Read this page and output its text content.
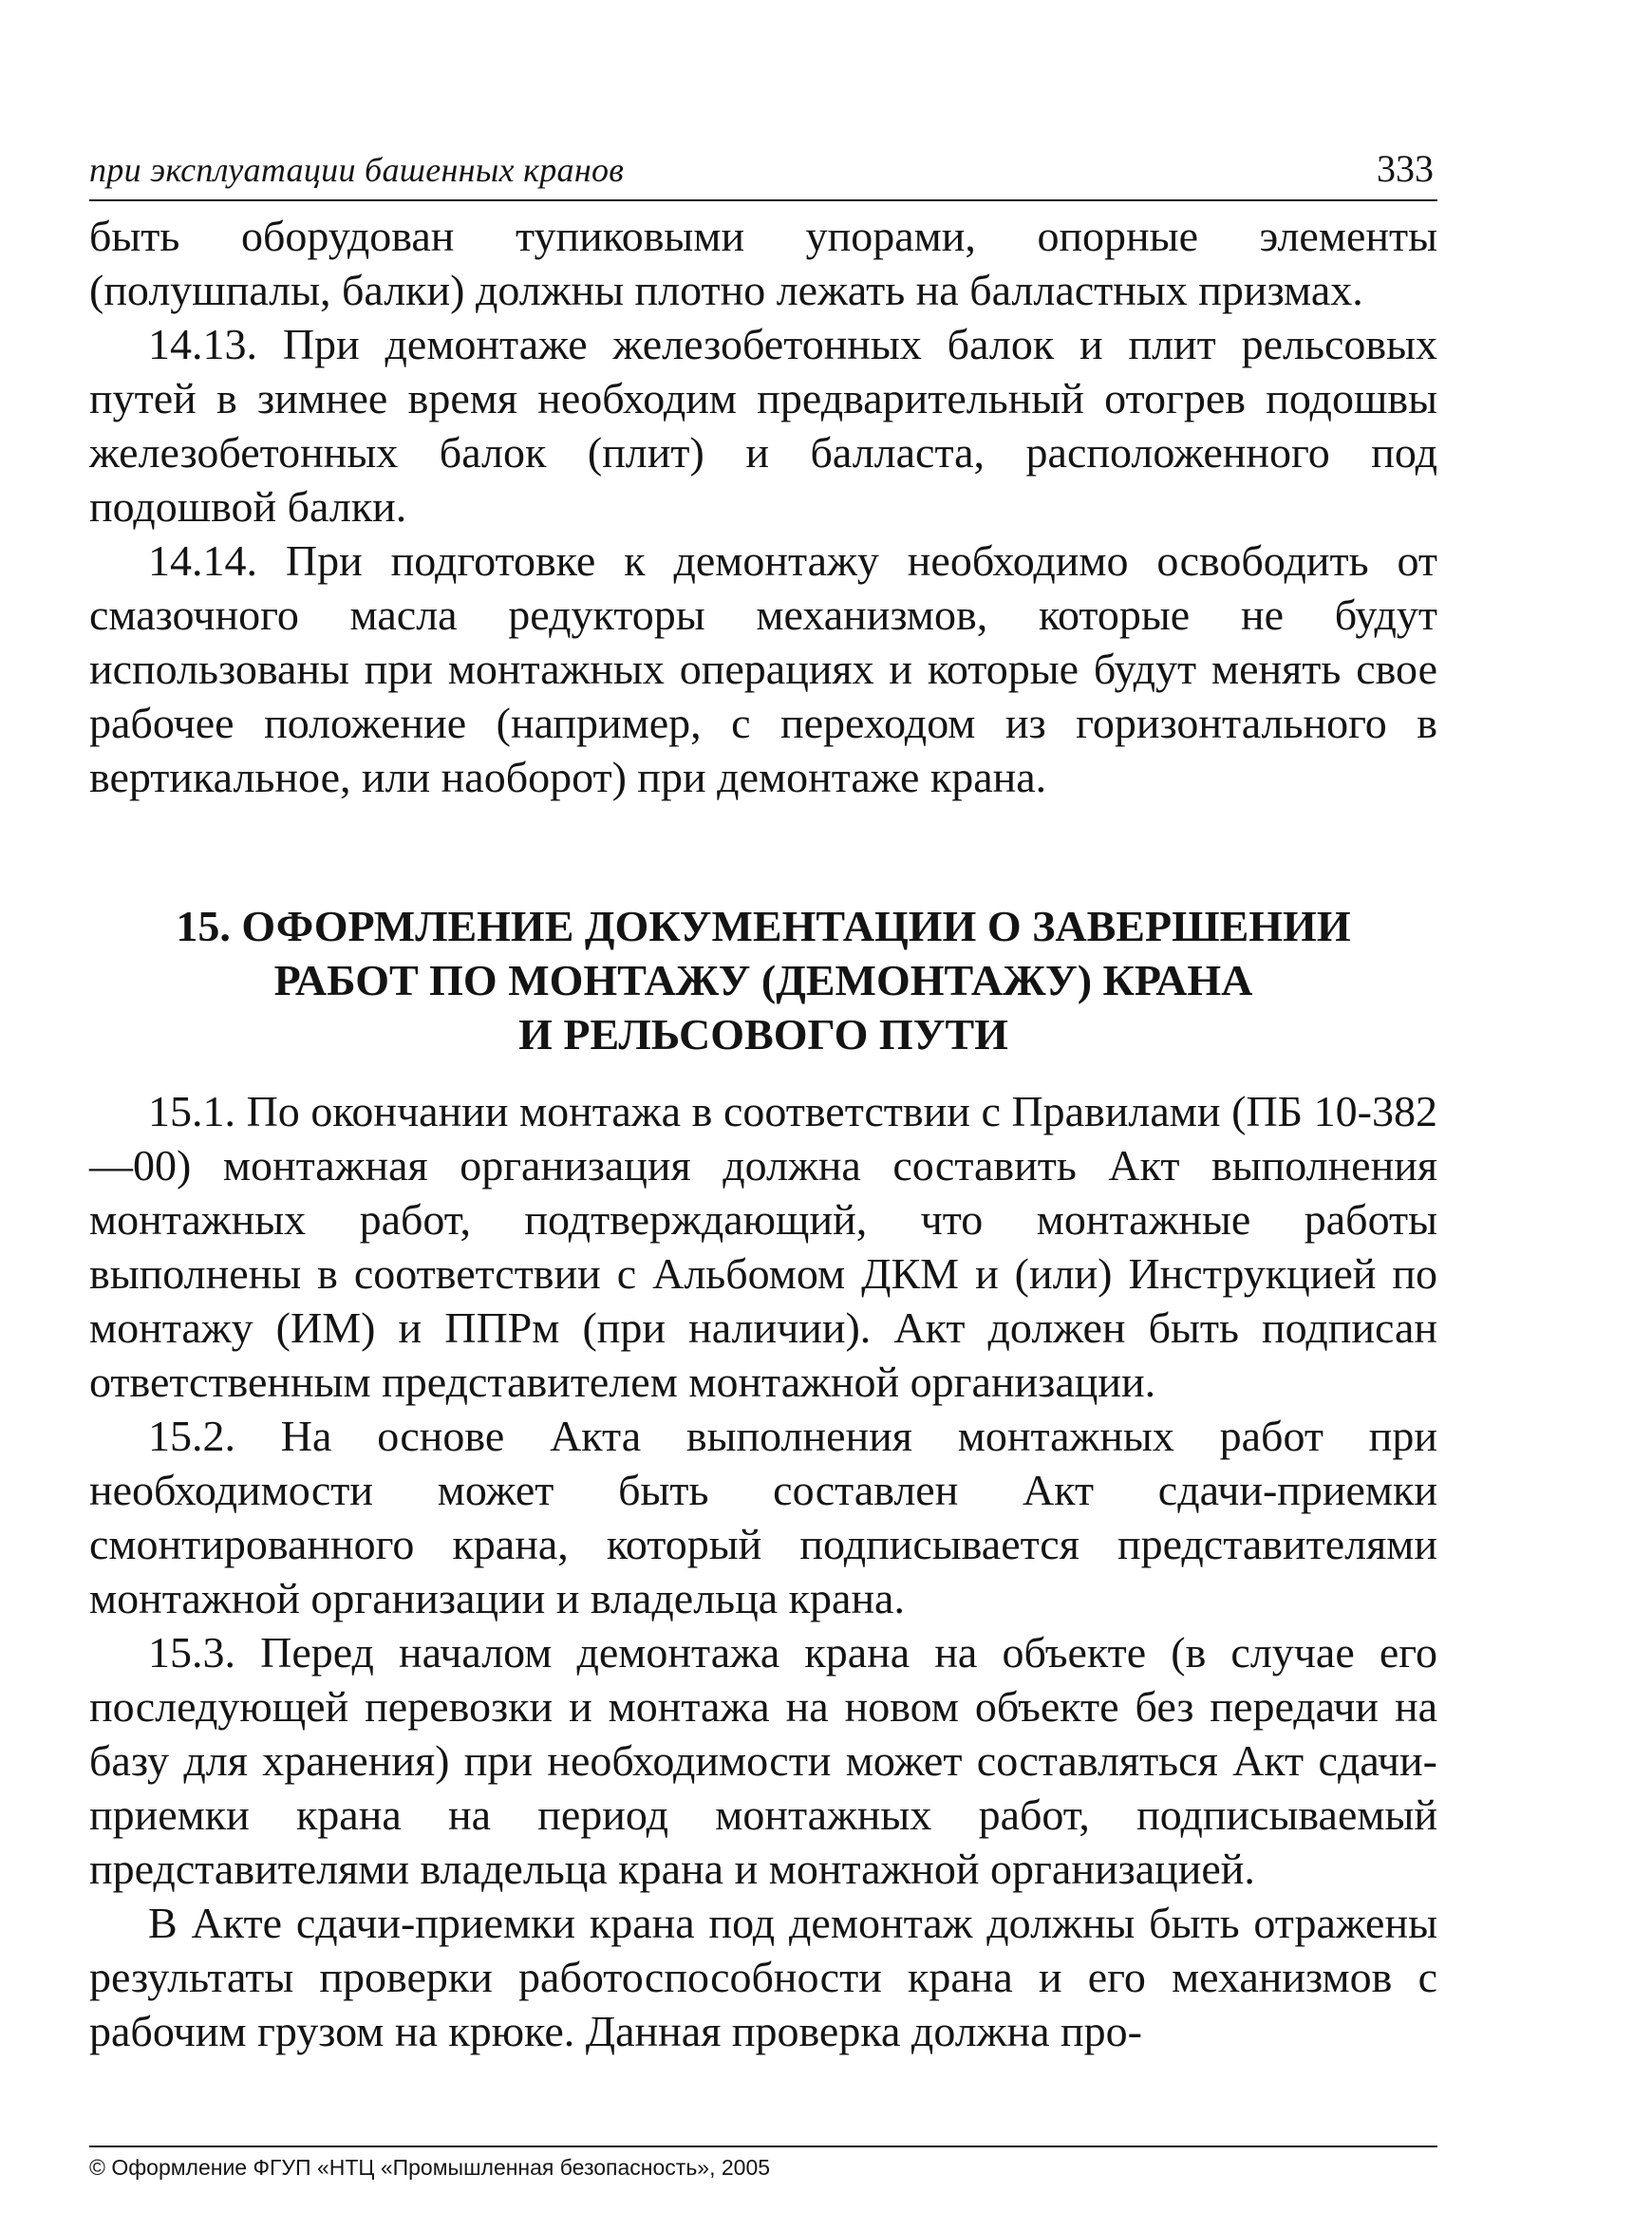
при эксплуатации башенных кранов	333

быть оборудован тупиковыми упорами, опорные элементы (полушпалы, балки) должны плотно лежать на балластных призмах.

14.13. При демонтаже железобетонных балок и плит рельсовых путей в зимнее время необходим предварительный отогрев подошвы железобетонных балок (плит) и балласта, расположенного под подошвой балки.

14.14. При подготовке к демонтажу необходимо освободить от смазочного масла редукторы механизмов, которые не будут использованы при монтажных операциях и которые будут менять свое рабочее положение (например, с переходом из горизонтального в вертикальное, или наоборот) при демонтаже крана.

15. ОФОРМЛЕНИЕ ДОКУМЕНТАЦИИ О ЗАВЕРШЕНИИ
РАБОТ ПО МОНТАЖУ (ДЕМОНТАЖУ) КРАНА
И РЕЛЬСОВОГО ПУТИ

15.1. По окончании монтажа в соответствии с Правилами (ПБ 10-382—00) монтажная организация должна составить Акт выполнения монтажных работ, подтверждающий, что монтажные работы выполнены в соответствии с Альбомом ДКМ и (или) Инструкцией по монтажу (ИМ) и ППРм (при наличии). Акт должен быть подписан ответственным представителем монтажной организации.

15.2. На основе Акта выполнения монтажных работ при необходимости может быть составлен Акт сдачи-приемки смонтированного крана, который подписывается представителями монтажной организации и владельца крана.

15.3. Перед началом демонтажа крана на объекте (в случае его последующей перевозки и монтажа на новом объекте без передачи на базу для хранения) при необходимости может составляться Акт сдачи-приемки крана на период монтажных работ, подписываемый представителями владельца крана и монтажной организацией.

В Акте сдачи-приемки крана под демонтаж должны быть отражены результаты проверки работоспособности крана и его механизмов с рабочим грузом на крюке. Данная проверка должна про-

© Оформление ФГУП «НТЦ «Промышленная безопасность», 2005
